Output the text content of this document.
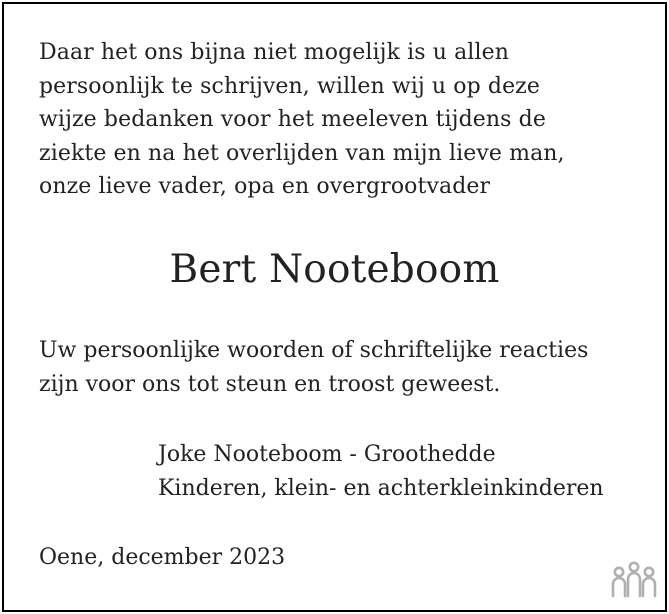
Daar het ons bijna niet mogelijk is u allen
persoonlijk te schrijven, willen wij u op deze
wijze bedanken voor het meeleven tijdens de
ziekte en na het overlijden van mijn lieve man,
onze lieve vader, opa en overgrootvader

Bert Nooteboom

Uw persoonlijke woorden of schriftelijke reacties
zijn voor ons tot steun en troost geweest.

Joke Nooteboom - Groothedde
Kinderen, klein- en achterkleinkinderen

Oene, december 2023
